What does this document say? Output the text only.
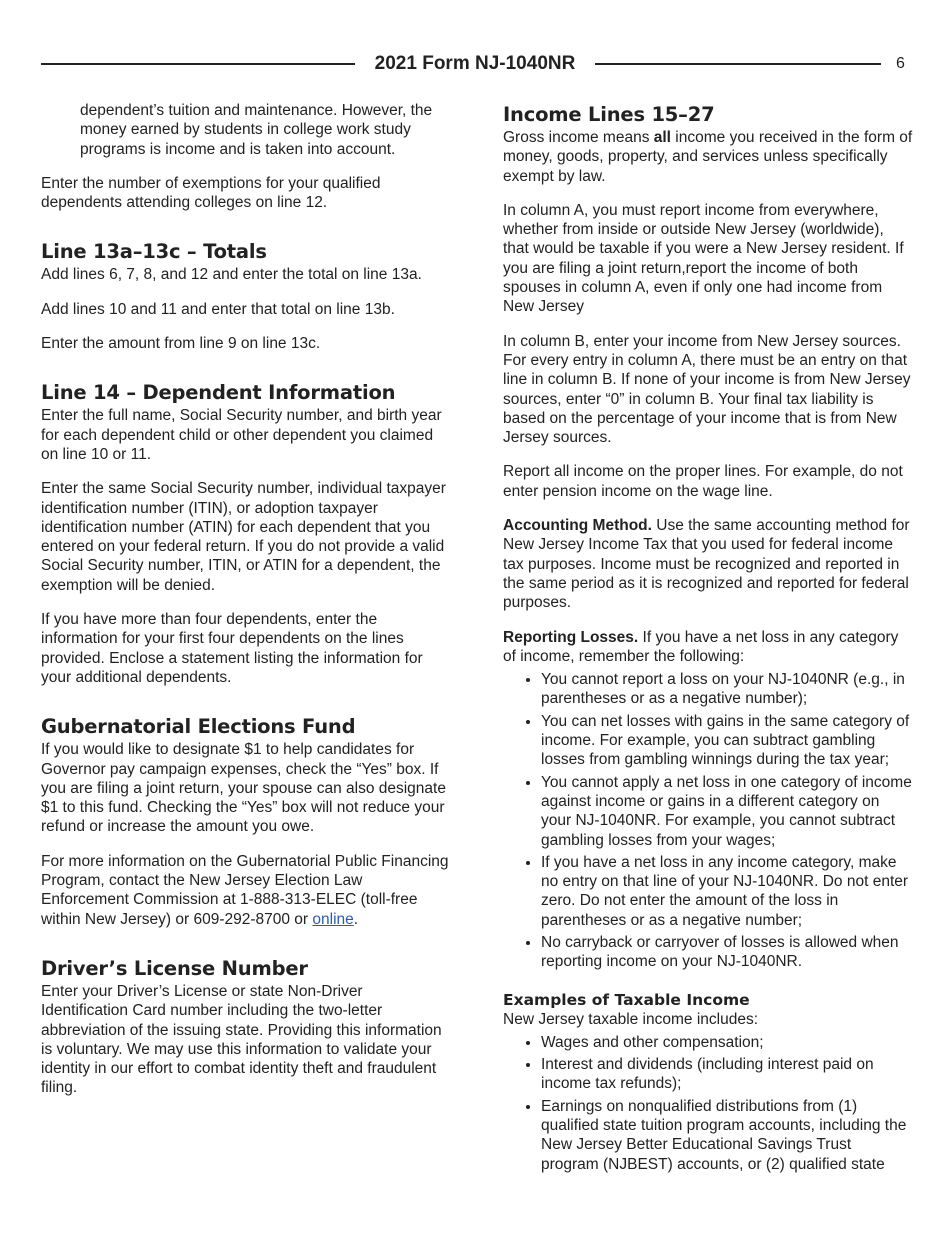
2021 Form NJ-1040NR	6

dependent’s tuition and maintenance. However, the money earned by students in college work study programs is income and is taken into account.

Enter the number of exemptions for your qualified dependents attending colleges on line 12.

Line 13a–13c – Totals

Add lines 6, 7, 8, and 12 and enter the total on line 13a.

Add lines 10 and 11 and enter that total on line 13b.

Enter the amount from line 9 on line 13c.

Line 14 – Dependent Information

Enter the full name, Social Security number, and birth year for each dependent child or other dependent you claimed on line 10 or 11.

Enter the same Social Security number, individual taxpayer identification number (ITIN), or adoption taxpayer identification number (ATIN) for each dependent that you entered on your federal return. If you do not provide a valid Social Security number, ITIN, or ATIN for a dependent, the exemption will be denied.

If you have more than four dependents, enter the information for your first four dependents on the lines provided. Enclose a statement listing the information for your additional dependents.

Gubernatorial Elections Fund

If you would like to designate $1 to help candidates for Governor pay campaign expenses, check the “Yes” box. If you are filing a joint return, your spouse can also designate $1 to this fund. Checking the “Yes” box will not reduce your refund or increase the amount you owe.

For more information on the Gubernatorial Public Financing Program, contact the New Jersey Election Law Enforcement Commission at 1-888-313-ELEC (toll-free within New Jersey) or 609-292-8700 or online.

Driver’s License Number

Enter your Driver’s License or state Non-Driver Identification Card number including the two-letter abbreviation of the issuing state. Providing this information is voluntary. We may use this information to validate your identity in our effort to combat identity theft and fraudulent filing.

Income Lines 15–27

Gross income means all income you received in the form of money, goods, property, and services unless specifically exempt by law.

In column A, you must report income from everywhere, whether from inside or outside New Jersey (worldwide), that would be taxable if you were a New Jersey resident. If you are filing a joint return,report the income of both spouses in column A, even if only one had income from New Jersey

In column B, enter your income from New Jersey sources. For every entry in column A, there must be an entry on that line in column B. If none of your income is from New Jersey sources, enter “0” in column B. Your final tax liability is based on the percentage of your income that is from New Jersey sources.

Report all income on the proper lines. For example, do not enter pension income on the wage line.

Accounting Method. Use the same accounting method for New Jersey Income Tax that you used for federal income tax purposes. Income must be recognized and reported in the same period as it is recognized and reported for federal purposes.

Reporting Losses. If you have a net loss in any category of income, remember the following:

• You cannot report a loss on your NJ-1040NR (e.g., in parentheses or as a negative number);
• You can net losses with gains in the same category of income. For example, you can subtract gambling losses from gambling winnings during the tax year;
• You cannot apply a net loss in one category of income against income or gains in a different category on your NJ-1040NR. For example, you cannot subtract gambling losses from your wages;
• If you have a net loss in any income category, make no entry on that line of your NJ-1040NR. Do not enter zero. Do not enter the amount of the loss in parentheses or as a negative number;
• No carryback or carryover of losses is allowed when reporting income on your NJ-1040NR.
Examples of Taxable Income

New Jersey taxable income includes:

• Wages and other compensation;
• Interest and dividends (including interest paid on income tax refunds);
• Earnings on nonqualified distributions from (1) qualified state tuition program accounts, including the New Jersey Better Educational Savings Trust program (NJBEST) accounts, or (2) qualified state
